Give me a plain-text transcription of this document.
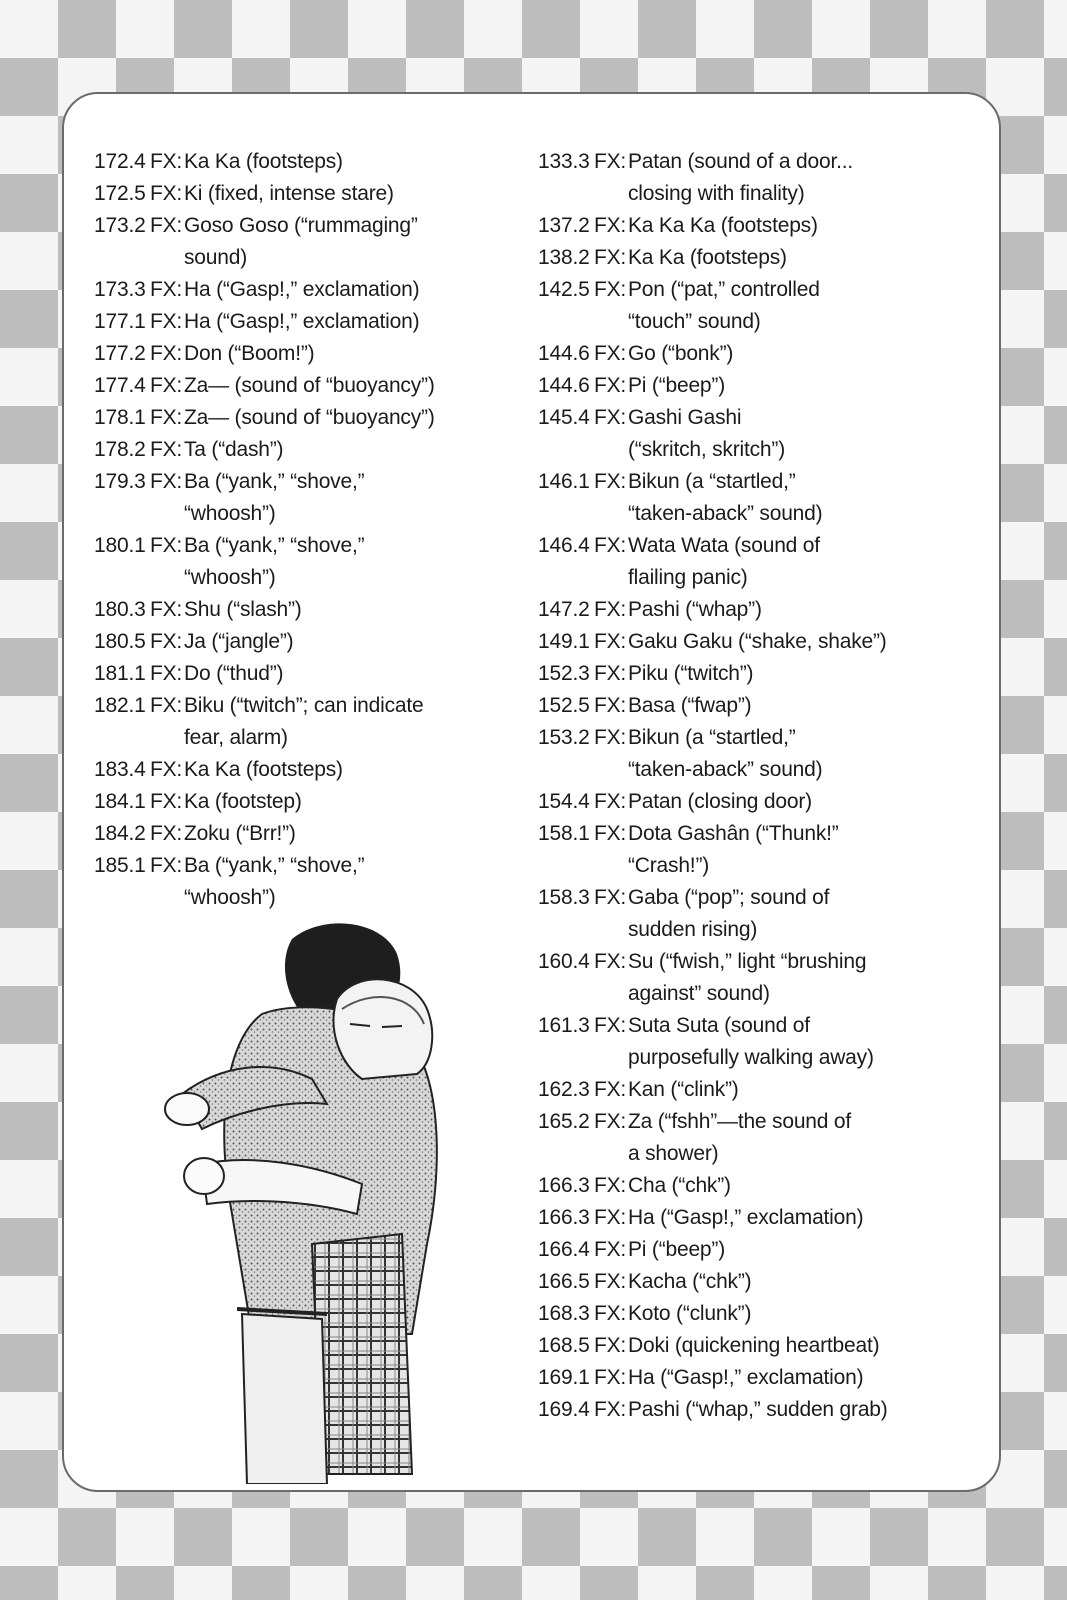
172.4 FX: Ka Ka (footsteps)
172.5 FX: Ki (fixed, intense stare)
173.2 FX: Goso Goso (“rummaging”
sound)
173.3 FX: Ha (“Gasp!,” exclamation)
177.1 FX: Ha (“Gasp!,” exclamation)
177.2 FX: Don (“Boom!”)
177.4 FX: Za— (sound of “buoyancy”)
178.1 FX: Za— (sound of “buoyancy”)
178.2 FX: Ta (“dash”)
179.3 FX: Ba (“yank,” “shove,”
“whoosh”)
180.1 FX: Ba (“yank,” “shove,”
“whoosh”)
180.3 FX: Shu (“slash”)
180.5 FX: Ja (“jangle”)
181.1 FX: Do (“thud”)
182.1 FX: Biku (“twitch”; can indicate
fear, alarm)
183.4 FX: Ka Ka (footsteps)
184.1 FX: Ka (footstep)
184.2 FX: Zoku (“Brr!”)
185.1 FX: Ba (“yank,” “shove,”
“whoosh”)
133.3 FX: Patan (sound of a door...
closing with finality)
137.2 FX: Ka Ka Ka (footsteps)
138.2 FX: Ka Ka (footsteps)
142.5 FX: Pon (“pat,” controlled
“touch” sound)
144.6 FX: Go (“bonk”)
144.6 FX: Pi (“beep”)
145.4 FX: Gashi Gashi
(“skritch, skritch”)
146.1 FX: Bikun (a “startled,”
“taken-aback” sound)
146.4 FX: Wata Wata (sound of
flailing panic)
147.2 FX: Pashi (“whap”)
149.1 FX: Gaku Gaku (“shake, shake”)
152.3 FX: Piku (“twitch”)
152.5 FX: Basa (“fwap”)
153.2 FX: Bikun (a “startled,”
“taken-aback” sound)
154.4 FX: Patan (closing door)
158.1 FX: Dota Gashân (“Thunk!”
“Crash!”)
158.3 FX: Gaba (“pop”; sound of
sudden rising)
160.4 FX: Su (“fwish,” light “brushing
against” sound)
161.3 FX: Suta Suta (sound of
purposefully walking away)
162.3 FX: Kan (“clink”)
165.2 FX: Za (“fshh”—the sound of
a shower)
166.3 FX: Cha (“chk”)
166.3 FX: Ha (“Gasp!,” exclamation)
166.4 FX: Pi (“beep”)
166.5 FX: Kacha (“chk”)
168.3 FX: Koto (“clunk”)
168.5 FX: Doki (quickening heartbeat)
169.1 FX: Ha (“Gasp!,” exclamation)
169.4 FX: Pashi (“whap,” sudden grab)
